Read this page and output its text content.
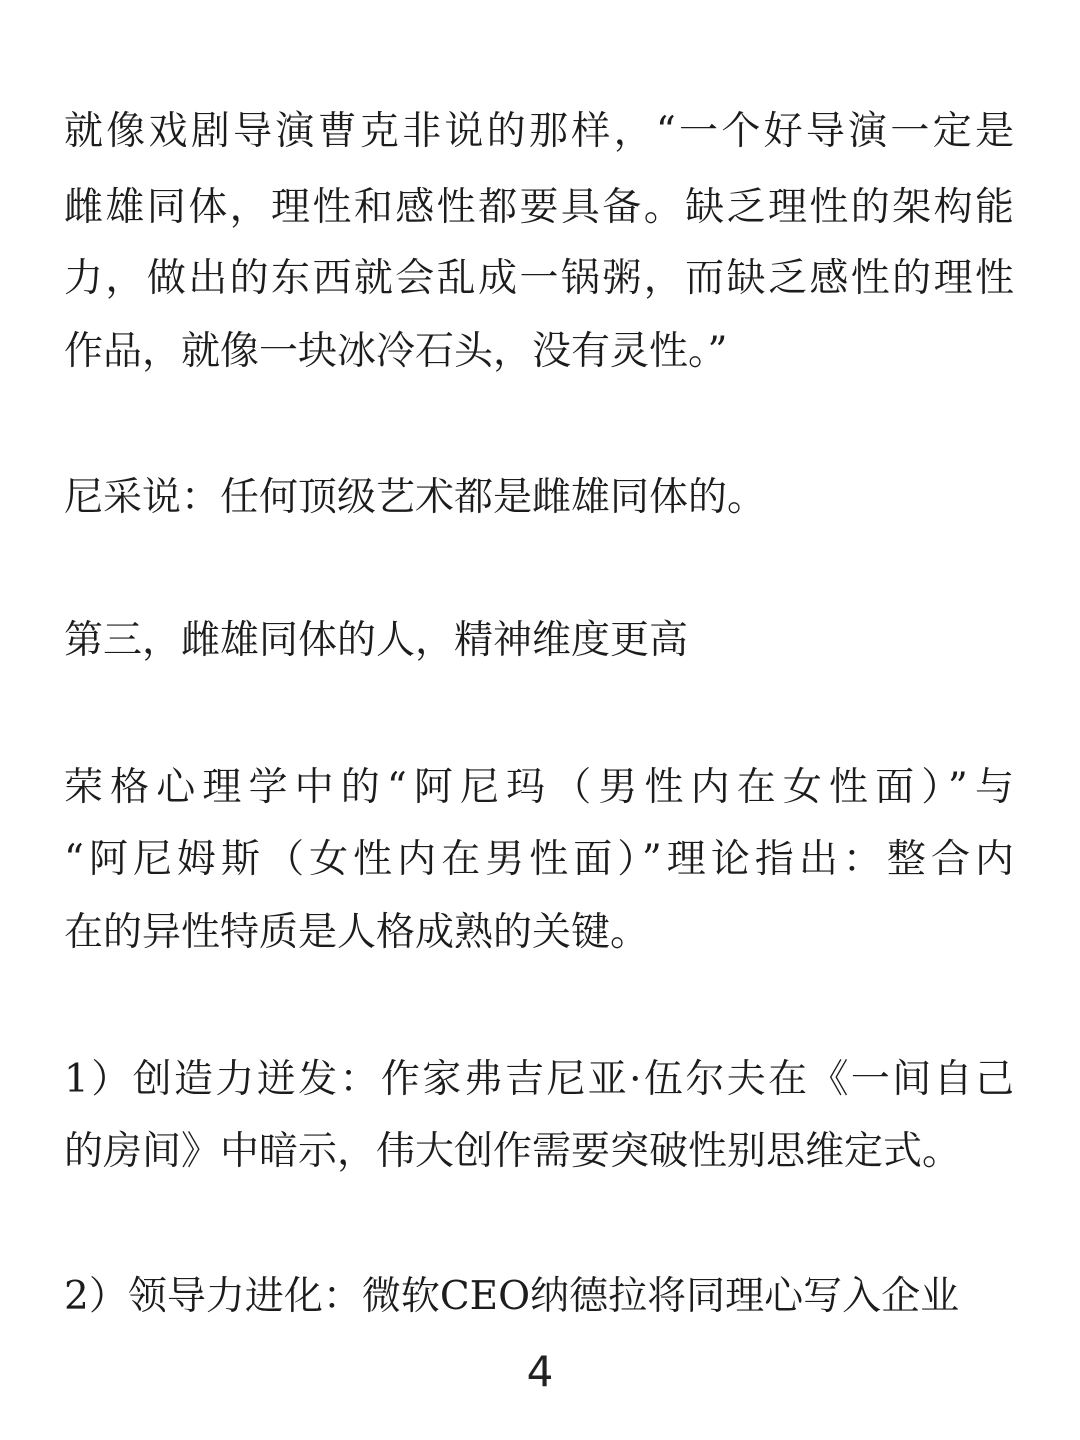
就像戏剧导演曹克非说的那样，“一个好导演一定是
雌雄同体，理性和感性都要具备。缺乏理性的架构能
力，做出的东西就会乱成一锅粥，而缺乏感性的理性
作品，就像一块冰冷石头，没有灵性。”
尼采说：任何顶级艺术都是雌雄同体的。
第三，雌雄同体的人，精神维度更高
荣格心理学中的“阿尼玛（男性内在女性面）”与
“阿尼姆斯（女性内在男性面）”理论指出：整合内
在的异性特质是人格成熟的关键。
1）创造力迸发：作家弗吉尼亚·伍尔夫在《一间自己
的房间》中暗示，伟大创作需要突破性别思维定式。
2）领导力进化：微软CEO纳德拉将同理心写入企业
4
